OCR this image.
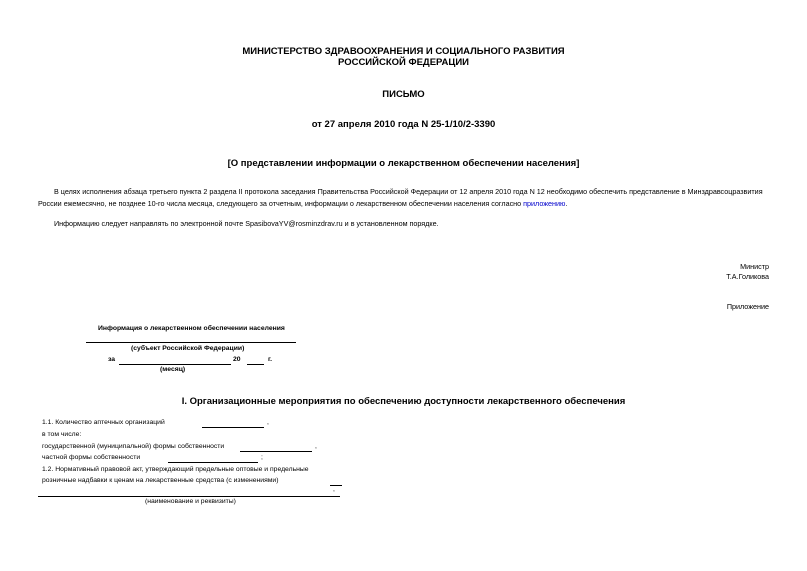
МИНИСТЕРСТВО ЗДРАВООХРАНЕНИЯ И СОЦИАЛЬНОГО РАЗВИТИЯ
РОССИЙСКОЙ ФЕДЕРАЦИИ
ПИСЬМО
от 27 апреля 2010 года N 25-1/10/2-3390
[О представлении информации о лекарственном обеспечении населения]
В целях исполнения абзаца третьего пункта 2 раздела II протокола заседания Правительства Российской Федерации от 12 апреля 2010 года N 12 необходимо обеспечить представление в Минздравсоцразвития России ежемесячно, не позднее 10-го числа месяца, следующего за отчетным, информации о лекарственном обеспечении населения согласно приложению.
Информацию следует направлять по электронной почте SpasibovaYV@rosminzdrav.ru и в установленном порядке.
Министр
Т.А.Голикова
Приложение
Информация о лекарственном обеспечении населения
(субъект Российской Федерации)
за	20	г.
(месяц)
I. Организационные мероприятия по обеспечению доступности лекарственного обеспечения
1.1. Количество аптечных организаций	,
в том числе:
государственной (муниципальной) формы собственности	,
частной формы собственности	;
1.2. Нормативный правовой акт, утверждающий предельные оптовые и предельные
розничные надбавки к ценам на лекарственные средства (с изменениями)
,
(наименование и реквизиты)
